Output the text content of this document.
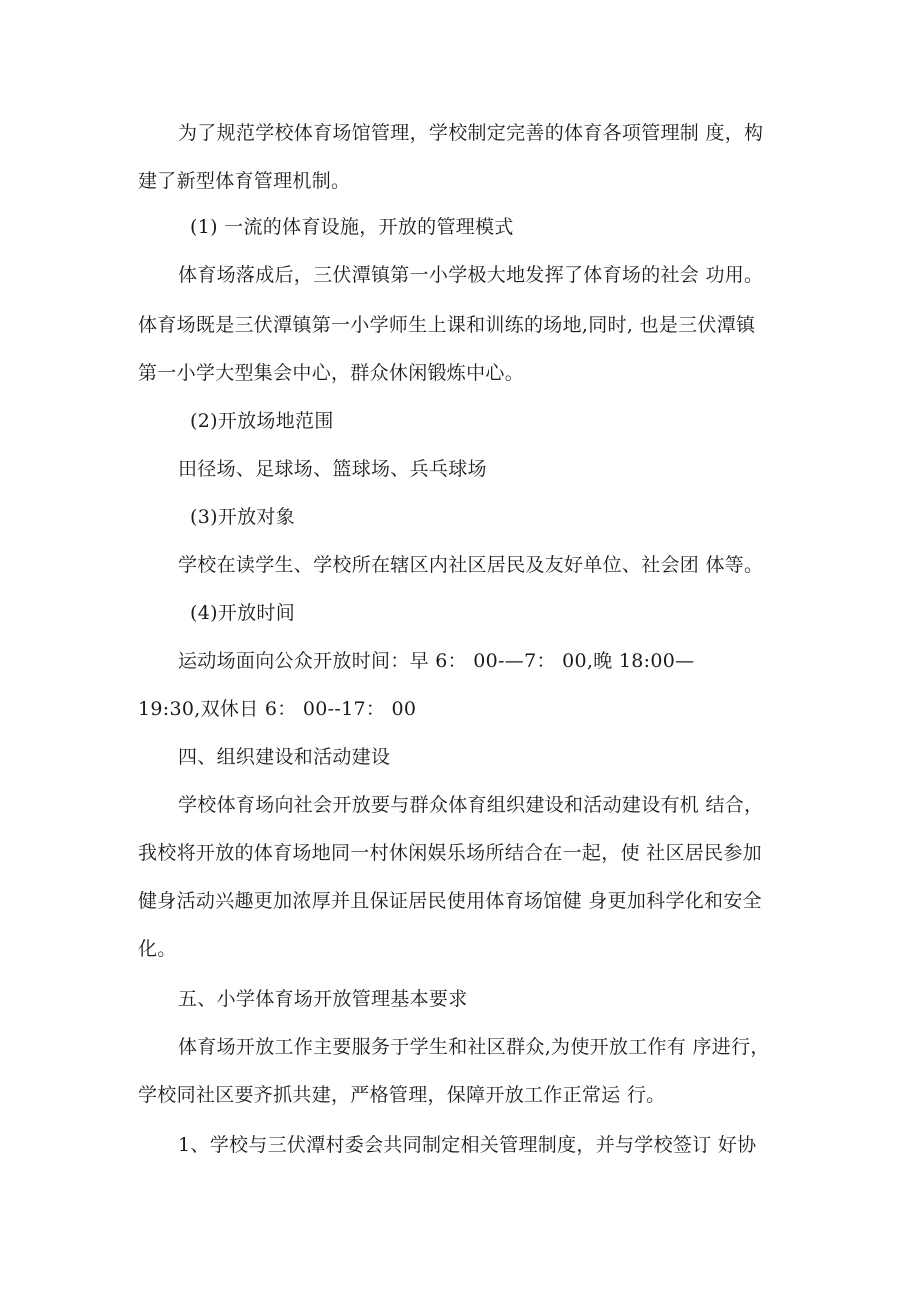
为了规范学校体育场馆管理，学校制定完善的体育各项管理制 度，构
建了新型体育管理机制。
(1) 一流的体育设施，开放的管理模式
体育场落成后，三伏潭镇第一小学极大地发挥了体育场的社会 功用。
体育场既是三伏潭镇第一小学师生上课和训练的场地,同时, 也是三伏潭镇
第一小学大型集会中心，群众休闲锻炼中心。
(2)开放场地范围
田径场、足球场、篮球场、兵乓球场
(3)开放对象
学校在读学生、学校所在辖区内社区居民及友好单位、社会团 体等。
(4)开放时间
运动场面向公众开放时间：早 6： 00-—7： 00,晚 18:00—
19:30,双休日 6： 00--17： 00
四、组织建设和活动建设
学校体育场向社会开放要与群众体育组织建设和活动建设有机 结合，
我校将开放的体育场地同一村休闲娱乐场所结合在一起，使 社区居民参加
健身活动兴趣更加浓厚并且保证居民使用体育场馆健 身更加科学化和安全
化。
五、小学体育场开放管理基本要求
体育场开放工作主要服务于学生和社区群众,为使开放工作有 序进行，
学校同社区要齐抓共建，严格管理，保障开放工作正常运 行。
1、学校与三伏潭村委会共同制定相关管理制度，并与学校签订 好协
